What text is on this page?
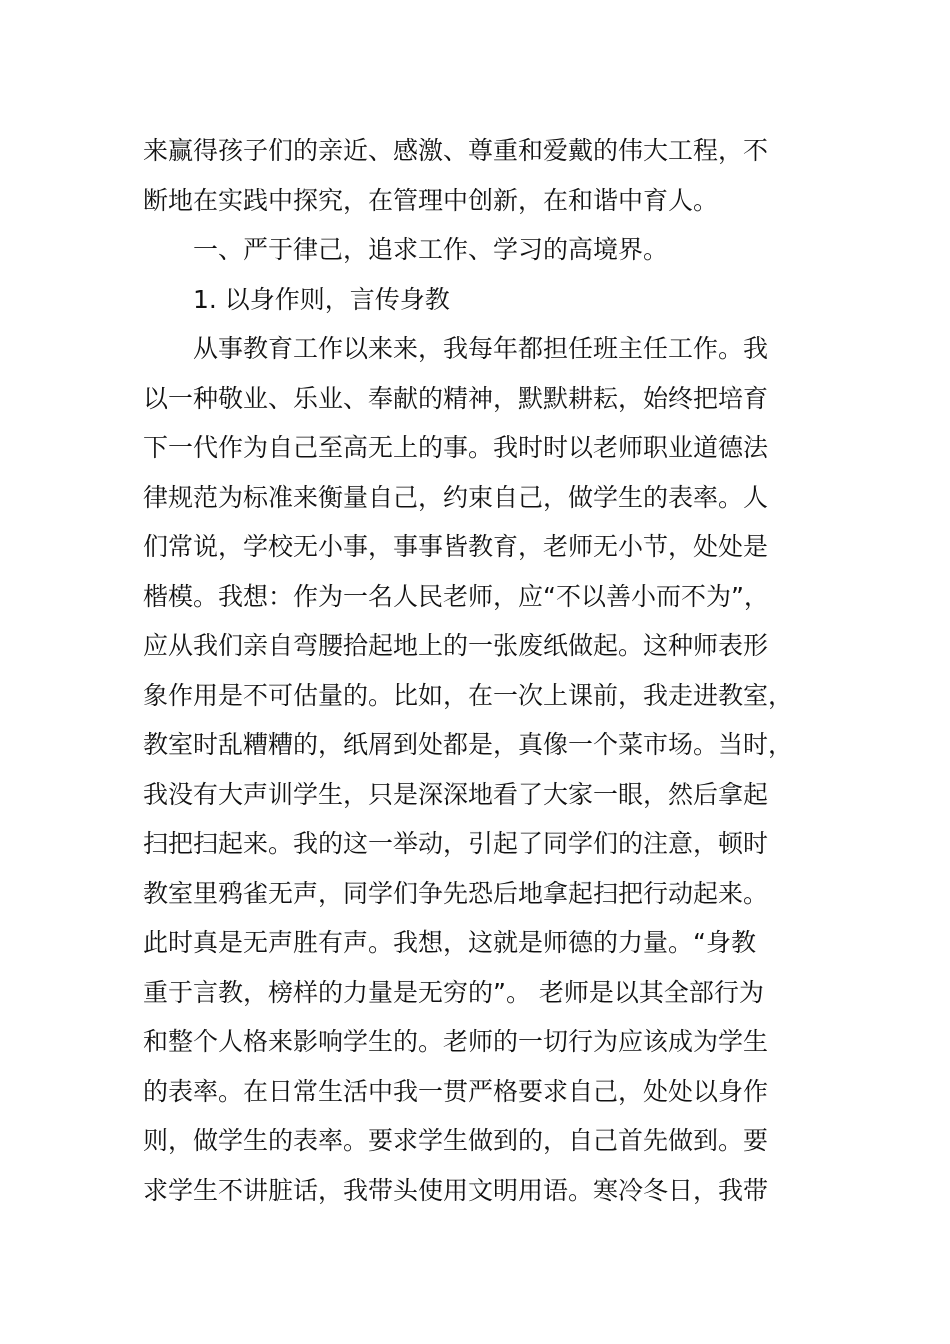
来赢得孩子们的亲近、感激、尊重和爱戴的伟大工程，不
断地在实践中探究，在管理中创新，在和谐中育人。
一、严于律己，追求工作、学习的高境界。
1. 以身作则，言传身教
从事教育工作以来来，我每年都担任班主任工作。我
以一种敬业、乐业、奉献的精神，默默耕耘，始终把培育
下一代作为自己至高无上的事。我时时以老师职业道德法
律规范为标准来衡量自己，约束自己，做学生的表率。人
们常说，学校无小事，事事皆教育，老师无小节，处处是
楷模。我想：作为一名人民老师，应“不以善小而不为”，
应从我们亲自弯腰拾起地上的一张废纸做起。这种师表形
象作用是不可估量的。比如，在一次上课前，我走进教室，
教室时乱糟糟的，纸屑到处都是，真像一个菜市场。当时，
我没有大声训学生，只是深深地看了大家一眼，然后拿起
扫把扫起来。我的这一举动，引起了同学们的注意，顿时
教室里鸦雀无声，同学们争先恐后地拿起扫把行动起来。
此时真是无声胜有声。我想，这就是师德的力量。“身教
重于言教，榜样的力量是无穷的”。 老师是以其全部行为
和整个人格来影响学生的。老师的一切行为应该成为学生
的表率。在日常生活中我一贯严格要求自己，处处以身作
则，做学生的表率。要求学生做到的，自己首先做到。要
求学生不讲脏话，我带头使用文明用语。寒冷冬日，我带
